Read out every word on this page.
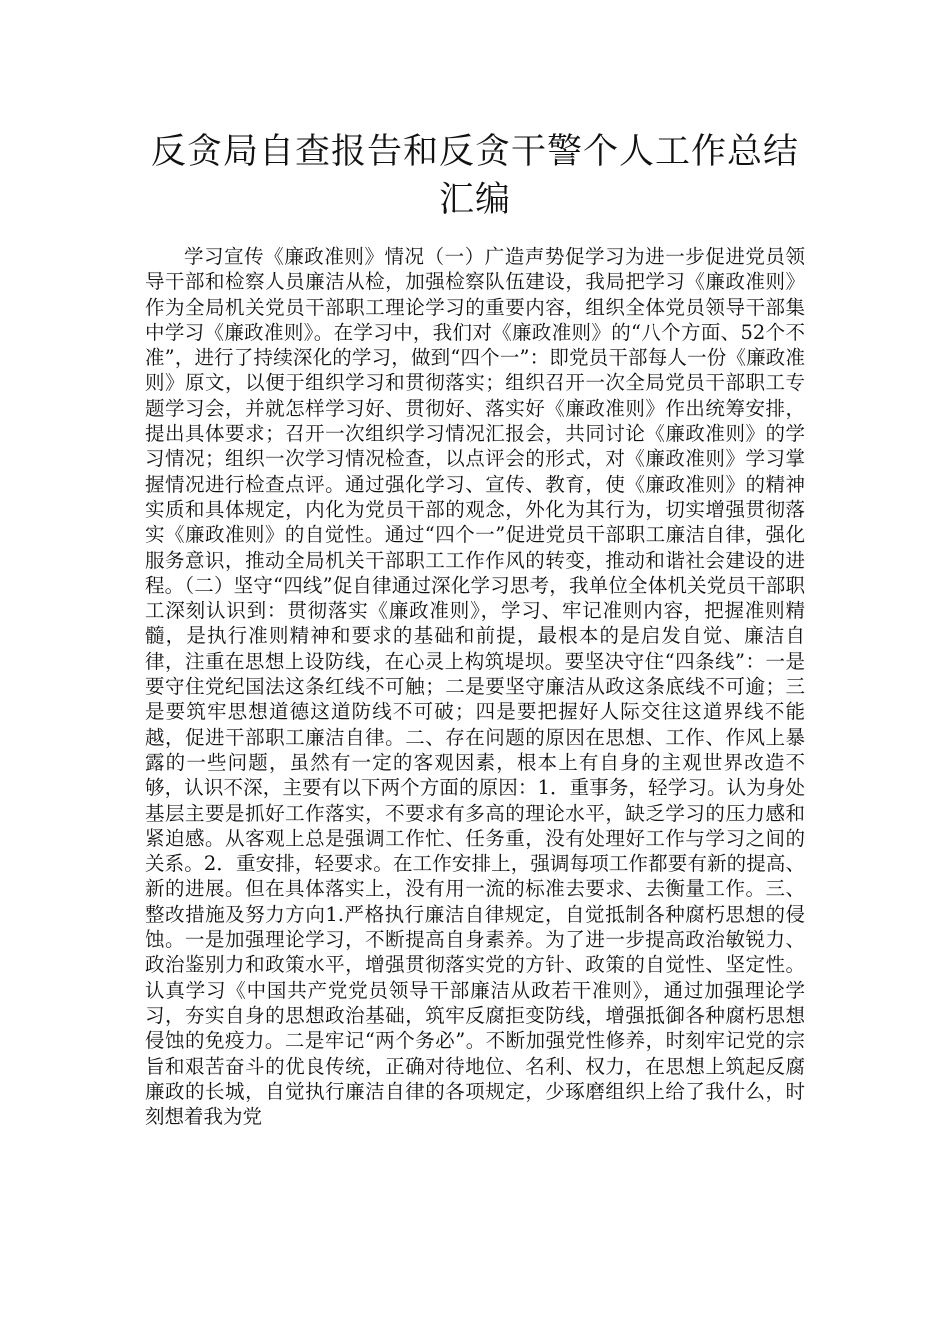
反贪局自查报告和反贪干警个人工作总结
汇编

学习宣传《廉政准则》情况（一）广造声势促学习为进一步促进党员领导干部和检察人员廉洁从检，加强检察队伍建设，我局把学习《廉政准则》作为全局机关党员干部职工理论学习的重要内容，组织全体党员领导干部集中学习《廉政准则》。在学习中，我们对《廉政准则》的“八个方面、52个不准”，进行了持续深化的学习，做到“四个一”：即党员干部每人一份《廉政准则》原文，以便于组织学习和贯彻落实；组织召开一次全局党员干部职工专题学习会，并就怎样学习好、贯彻好、落实好《廉政准则》作出统筹安排，提出具体要求；召开一次组织学习情况汇报会，共同讨论《廉政准则》的学习情况；组织一次学习情况检查，以点评会的形式，对《廉政准则》学习掌握情况进行检查点评。通过强化学习、宣传、教育，使《廉政准则》的精神实质和具体规定，内化为党员干部的观念，外化为其行为，切实增强贯彻落实《廉政准则》的自觉性。通过“四个一”促进党员干部职工廉洁自律，强化服务意识，推动全局机关干部职工工作作风的转变，推动和谐社会建设的进程。（二）坚守“四线”促自律通过深化学习思考，我单位全体机关党员干部职工深刻认识到：贯彻落实《廉政准则》，学习、牢记准则内容，把握准则精髓，是执行准则精神和要求的基础和前提，最根本的是启发自觉、廉洁自律，注重在思想上设防线，在心灵上构筑堤坝。要坚决守住“四条线”：一是要守住党纪国法这条红线不可触；二是要坚守廉洁从政这条底线不可逾；三是要筑牢思想道德这道防线不可破；四是要把握好人际交往这道界线不能越，促进干部职工廉洁自律。二、存在问题的原因在思想、工作、作风上暴露的一些问题，虽然有一定的客观因素，根本上有自身的主观世界改造不够，认识不深，主要有以下两个方面的原因：1．重事务，轻学习。认为身处基层主要是抓好工作落实，不要求有多高的理论水平，缺乏学习的压力感和紧迫感。从客观上总是强调工作忙、任务重，没有处理好工作与学习之间的关系。2．重安排，轻要求。在工作安排上，强调每项工作都要有新的提高、新的进展。但在具体落实上，没有用一流的标准去要求、去衡量工作。三、整改措施及努力方向1.严格执行廉洁自律规定，自觉抵制各种腐朽思想的侵蚀。一是加强理论学习，不断提高自身素养。为了进一步提高政治敏锐力、政治鉴别力和政策水平，增强贯彻落实党的方针、政策的自觉性、坚定性。认真学习《中国共产党党员领导干部廉洁从政若干准则》，通过加强理论学习，夯实自身的思想政治基础，筑牢反腐拒变防线，增强抵御各种腐朽思想侵蚀的免疫力。二是牢记“两个务必”。不断加强党性修养，时刻牢记党的宗旨和艰苦奋斗的优良传统，正确对待地位、名利、权力，在思想上筑起反腐廉政的长城，自觉执行廉洁自律的各项规定，少琢磨组织上给了我什么，时刻想着我为党
